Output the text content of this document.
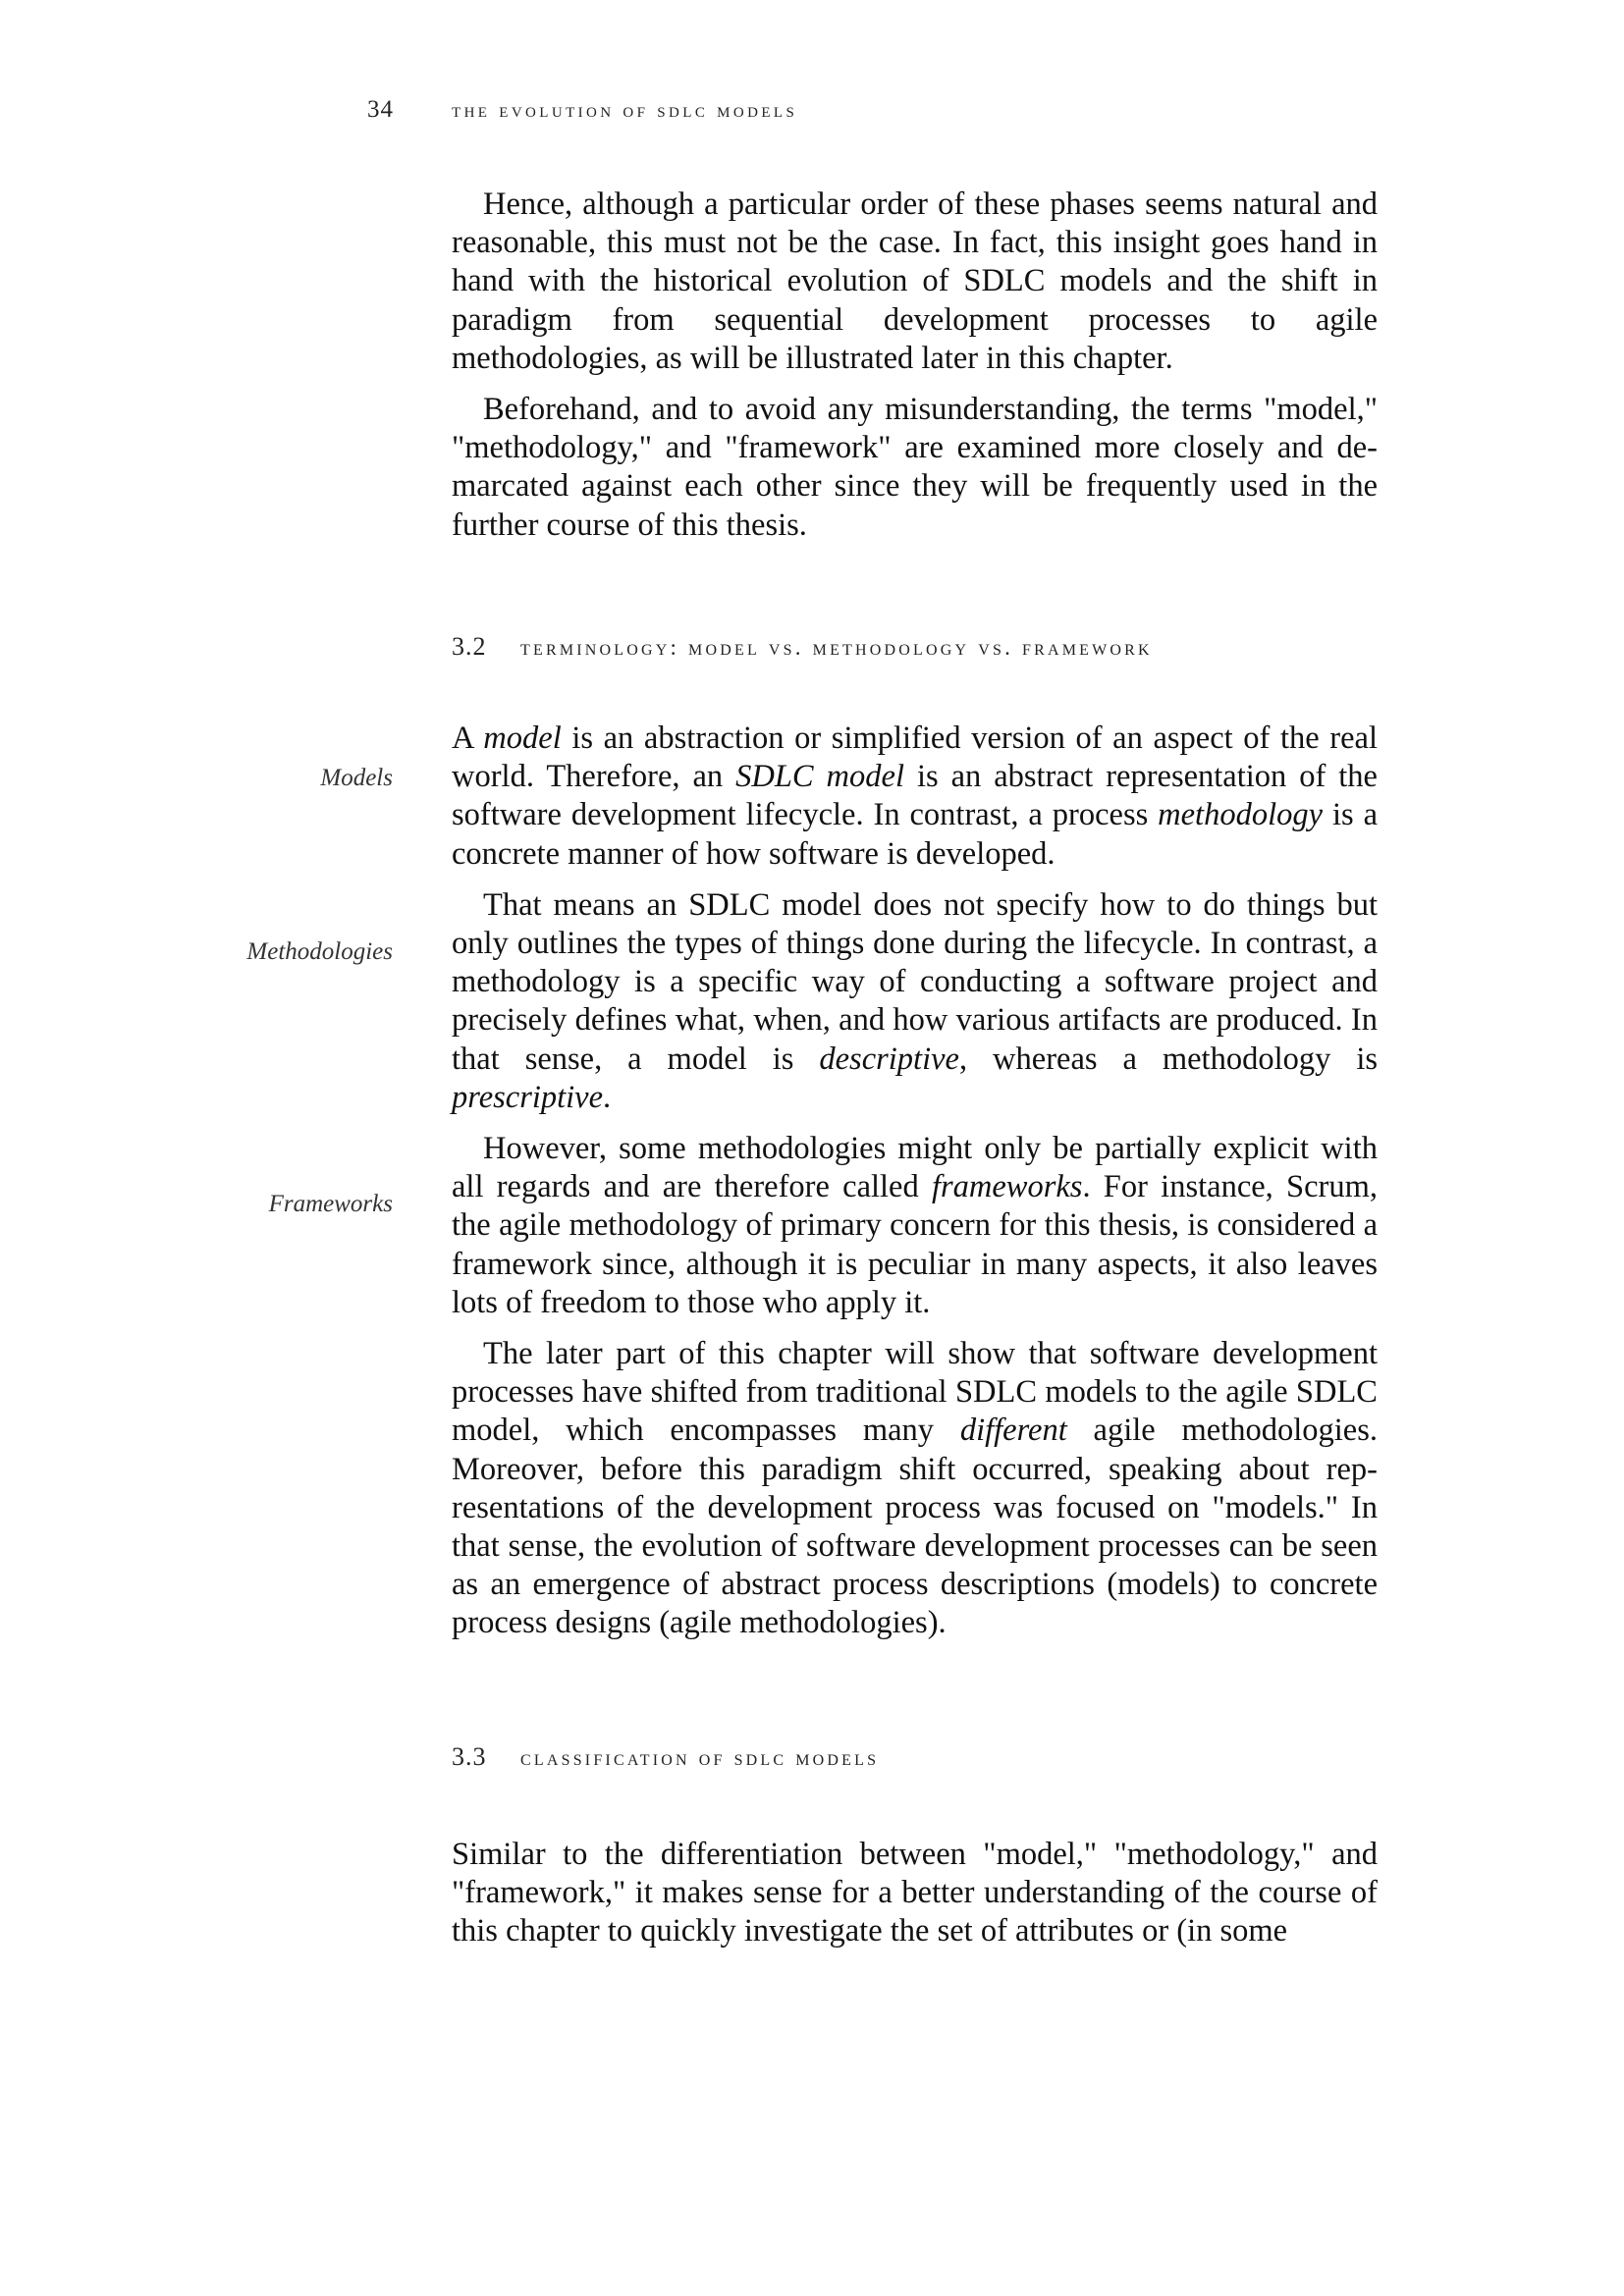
34	the evolution of sdlc models

Hence, although a particular order of these phases seems natural and reasonable, this must not be the case. In fact, this insight goes hand in hand with the historical evolution of SDLC models and the shift in paradigm from sequential development processes to agile methodologies, as will be illustrated later in this chapter.

Beforehand, and to avoid any misunderstanding, the terms "model," "methodology," and "framework" are examined more closely and demarcated against each other since they will be frequently used in the further course of this thesis.

3.2 terminology: model vs. methodology vs. framework
Models
Methodologies
Frameworks

A model is an abstraction or simplified version of an aspect of the real world. Therefore, an SDLC model is an abstract representation of the software development lifecycle. In contrast, a process methodology is a concrete manner of how software is developed.

That means an SDLC model does not specify how to do things but only outlines the types of things done during the lifecycle. In contrast, a methodology is a specific way of conducting a software project and precisely defines what, when, and how various artifacts are produced. In that sense, a model is descriptive, whereas a methodology is prescriptive.

However, some methodologies might only be partially explicit with all regards and are therefore called frameworks. For instance, Scrum, the agile methodology of primary concern for this thesis, is considered a framework since, although it is peculiar in many aspects, it also leaves lots of freedom to those who apply it.

The later part of this chapter will show that software development processes have shifted from traditional SDLC models to the agile SDLC model, which encompasses many different agile methodologies. Moreover, before this paradigm shift occurred, speaking about representations of the development process was focused on "models." In that sense, the evolution of software development processes can be seen as an emergence of abstract process descriptions (models) to concrete process designs (agile methodologies).

3.3 classification of sdlc models

Similar to the differentiation between "model," "methodology," and "framework," it makes sense for a better understanding of the course of this chapter to quickly investigate the set of attributes or (in some
